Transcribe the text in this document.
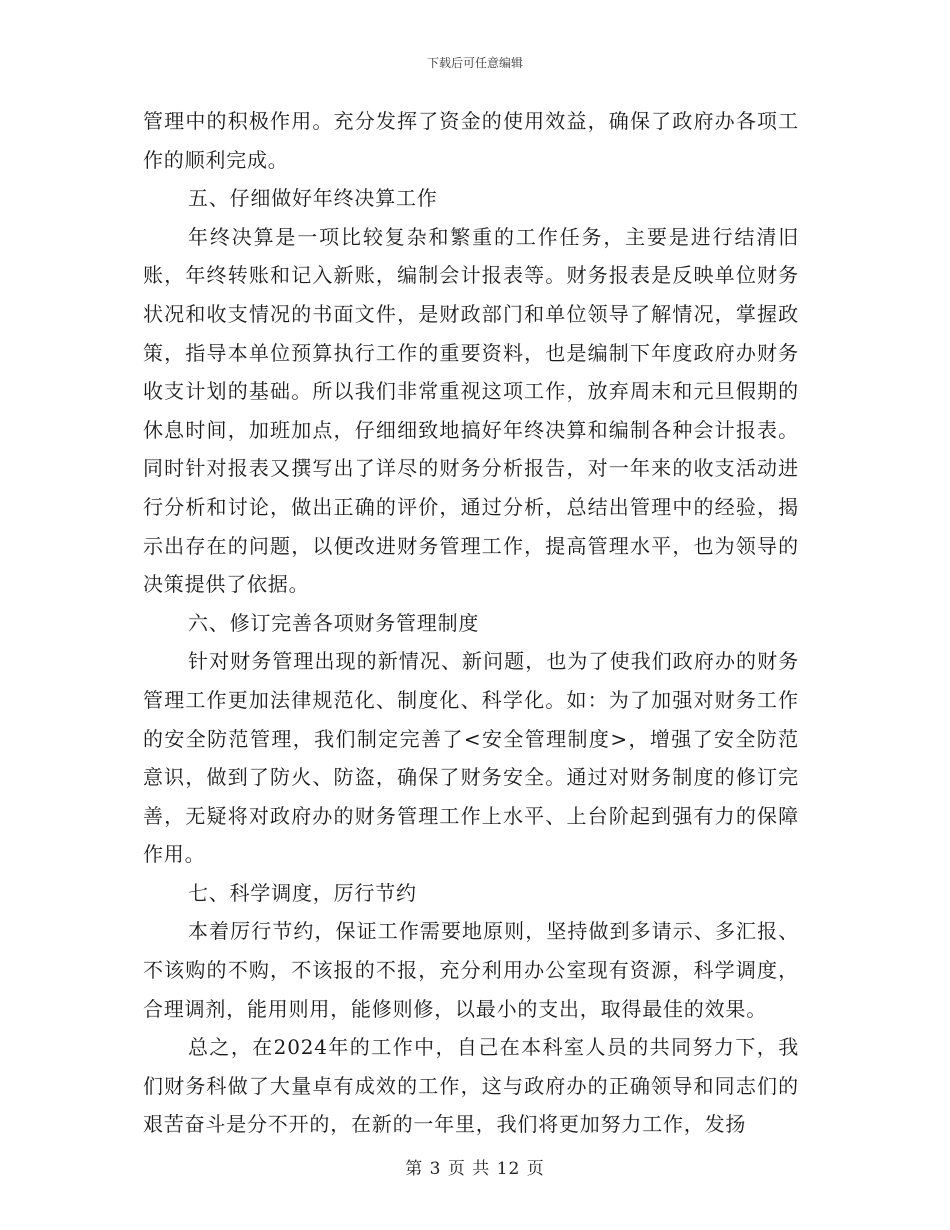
下载后可任意编辑

管理中的积极作用。充分发挥了资金的使用效益，确保了政府办各项工作的顺利完成。

五、仔细做好年终决算工作

年终决算是一项比较复杂和繁重的工作任务，主要是进行结清旧账，年终转账和记入新账，编制会计报表等。财务报表是反映单位财务状况和收支情况的书面文件，是财政部门和单位领导了解情况，掌握政策，指导本单位预算执行工作的重要资料，也是编制下年度政府办财务收支计划的基础。所以我们非常重视这项工作，放弃周末和元旦假期的休息时间，加班加点，仔细细致地搞好年终决算和编制各种会计报表。同时针对报表又撰写出了详尽的财务分析报告，对一年来的收支活动进行分析和讨论，做出正确的评价，通过分析，总结出管理中的经验，揭示出存在的问题，以便改进财务管理工作，提高管理水平，也为领导的决策提供了依据。

六、修订完善各项财务管理制度

针对财务管理出现的新情况、新问题，也为了使我们政府办的财务管理工作更加法律规范化、制度化、科学化。如：为了加强对财务工作的安全防范管理，我们制定完善了<安全管理制度>，增强了安全防范意识，做到了防火、防盗，确保了财务安全。通过对财务制度的修订完善，无疑将对政府办的财务管理工作上水平、上台阶起到强有力的保障作用。

七、科学调度，厉行节约

本着厉行节约，保证工作需要地原则，坚持做到多请示、多汇报、不该购的不购，不该报的不报，充分利用办公室现有资源，科学调度，合理调剂，能用则用，能修则修，以最小的支出，取得最佳的效果。

总之，在2024年的工作中，自己在本科室人员的共同努力下，我们财务科做了大量卓有成效的工作，这与政府办的正确领导和同志们的艰苦奋斗是分不开的，在新的一年里，我们将更加努力工作，发扬

第 3 页 共 12 页
